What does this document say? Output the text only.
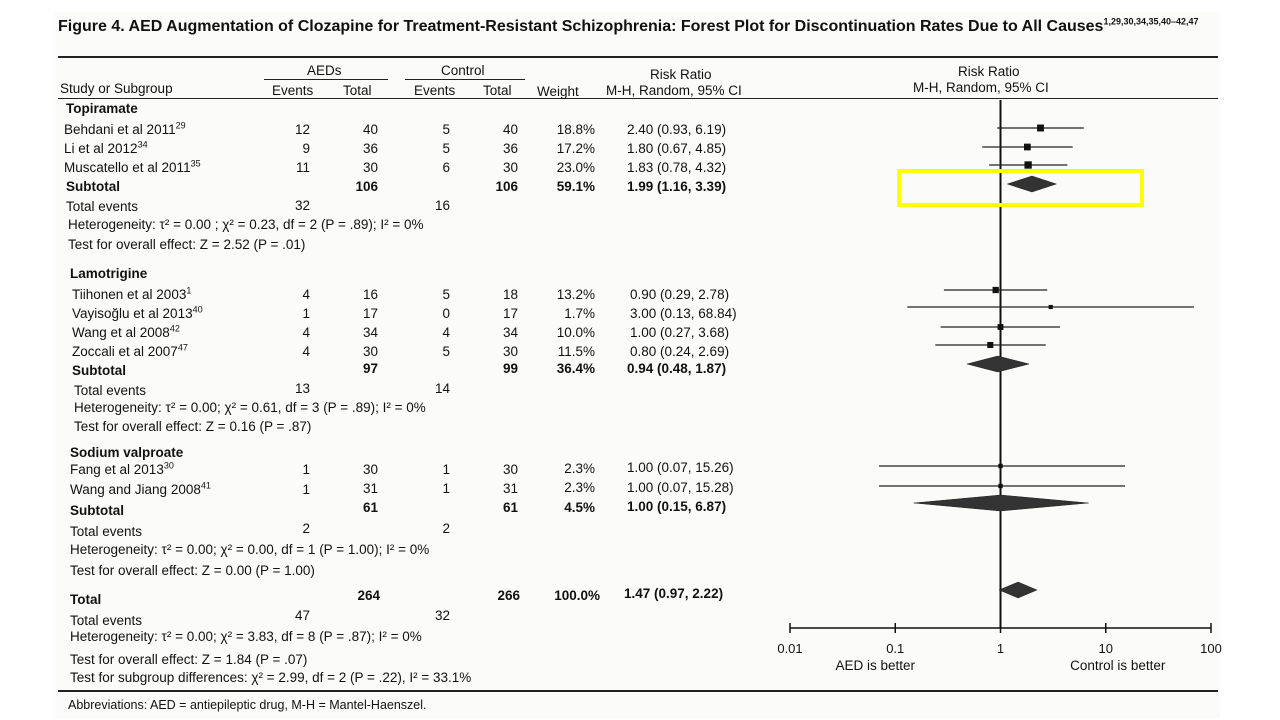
Figure 4. AED Augmentation of Clozapine for Treatment-Resistant Schizophrenia: Forest Plot for Discontinuation Rates Due to All Causes$^{1,29,30,34,35,40-42,47}$
AEDs	Control	Risk Ratio	Risk Ratio
Study or Subgroup	Events Total	Events Total Weight M-H, Random, 95% CI	M-H, Random, 95% CI
Topiramate
Behdani et al 2011$^{29}$	12	40	5	40	18.8% 2.40 (0.93, 6.19)
Li et al 2012$^{34}$	9	36	5	36	17.2% 1.80 (0.67, 4.85)
Muscatello et al 2011$^{35}$	11	30	6	30	23.0% 1.83 (0.78, 4.32)
Subtotal	106	106	59.1% 1.99 (1.16, 3.39)
Total events	32	16
Heterogeneity: τ² = 0.00 ; χ² = 0.23, df = 2 (P = .89); I² = 0%
Test for overall effect: Z = 2.52 (P = .01)
Lamotrigine
Tiihonen et al 2003$^1$	4	16	5	18	13.2%	0.90 (0.29, 2.78)
Vayisoğlu et al 2013$^{40}$	1	17	0	17	1.7%	3.00 (0.13, 68.84)
Wang et al 2008$^{42}$	4	34	4	34	10.0%	1.00 (0.27, 3.68)
Zoccali et al 2007$^{47}$	4	30	5	30	11.5%	0.80 (0.24, 2.69)
Subtotal	97	99	36.4% 0.94 (0.48, 1.87)
Total events	13	14
Heterogeneity: τ² = 0.00; χ² = 0.61, df = 3 (P = .89); I² = 0%
Test for overall effect: Z = 0.16 (P = .87)
Sodium valproate
Fang et al 2013$^{30}$	1	30	1	30	2.3% 1.00 (0.07, 15.26)
Wang and Jiang 2008$^{41}$	1	31	1	31	2.3% 1.00 (0.07, 15.28)
Subtotal	61	61	4.5% 1.00 (0.15, 6.87)
Total events	2	2
Heterogeneity: τ² = 0.00; χ² = 0.00, df = 1 (P = 1.00); I² = 0%
Test for overall effect: Z = 0.00 (P = 1.00)
Total	264	266	100.0% 1.47 (0.97, 2.22)
Total events	47	32
Heterogeneity: τ² = 0.00; χ² = 3.83, df = 8 (P = .87); I² = 0%
Test for overall effect: Z = 1.84 (P = .07)
Test for subgroup differences: χ² = 2.99, df = 2 (P = .22), I² = 33.1%
Abbreviations: AED = antiepileptic drug, M-H = Mantel-Haenszel.
0.01	0.1	1	10	100
AED is better	Control is better
